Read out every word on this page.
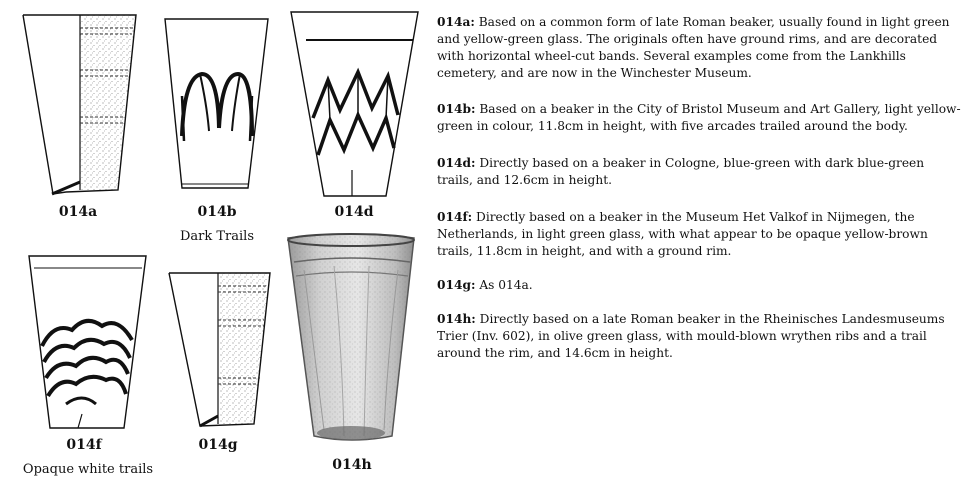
014a	014b
Dark Trails
014d
014f
Opaque white trails
014g
014h

014a: Based on a common form of late Roman beaker, usually found in light green and yellow-green glass. The originals often have ground rims, and are decorated with horizontal wheel-cut bands. Several examples come from the Lankhills cemetery, and are now in the Winchester Museum.

014b: Based on a beaker in the City of Bristol Museum and Art Gallery, light yellow-green in colour, 11.8cm in height, with five arcades trailed around the body.

014d: Directly based on a beaker in Cologne, blue-green with dark blue-green trails, and 12.6cm in height.

014f: Directly based on a beaker in the Museum Het Valkof in Nijmegen, the Netherlands, in light green glass, with what appear to be opaque yellow-brown trails, 11.8cm in height, and with a ground rim.

014g: As 014a.

014h: Directly based on a late Roman beaker in the Rheinisches Landesmuseums Trier (Inv. 602), in olive green glass, with mould-blown wrythen ribs and a trail around the rim, and 14.6cm in height.
